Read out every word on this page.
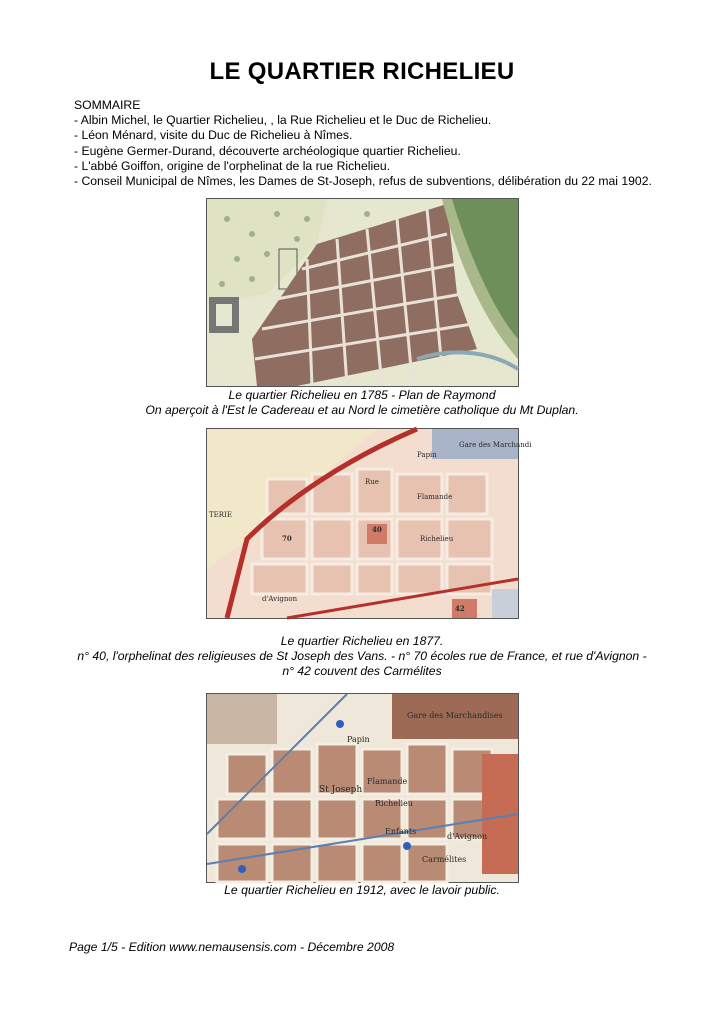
LE QUARTIER RICHELIEU
SOMMAIRE
- Albin Michel, le Quartier Richelieu, , la Rue Richelieu et le Duc de Richelieu.
- Léon Ménard, visite du Duc de Richelieu à Nîmes.
- Eugène Germer-Durand, découverte archéologique quartier Richelieu.
- L'abbé Goiffon, origine de l'orphelinat de la rue Richelieu.
- Conseil Municipal de Nîmes, les Dames de St-Joseph, refus de subventions, délibération du 22 mai 1902.
Le quartier Richelieu en 1785 - Plan de Raymond
On aperçoit à l'Est le Cadereau et au Nord le cimetière catholique du Mt Duplan.
Gare des Marchandi
TERIE
Rue
Papin
Flamande
Richelieu
40
70
42
d'Avignon
Le quartier Richelieu en 1877.
n° 40, l'orphelinat des religieuses de St Joseph des Vans. - n° 70 écoles rue de France, et rue d'Avignon -
n° 42 couvent des Carmélites
Gare des Marchandises
Papin
Flamande
St Joseph
Richelieu
Enfants
Carmélites
d'Avignon
Le quartier Richelieu en 1912, avec le lavoir public.
Page 1/5 - Edition www.nemausensis.com - Décembre 2008
